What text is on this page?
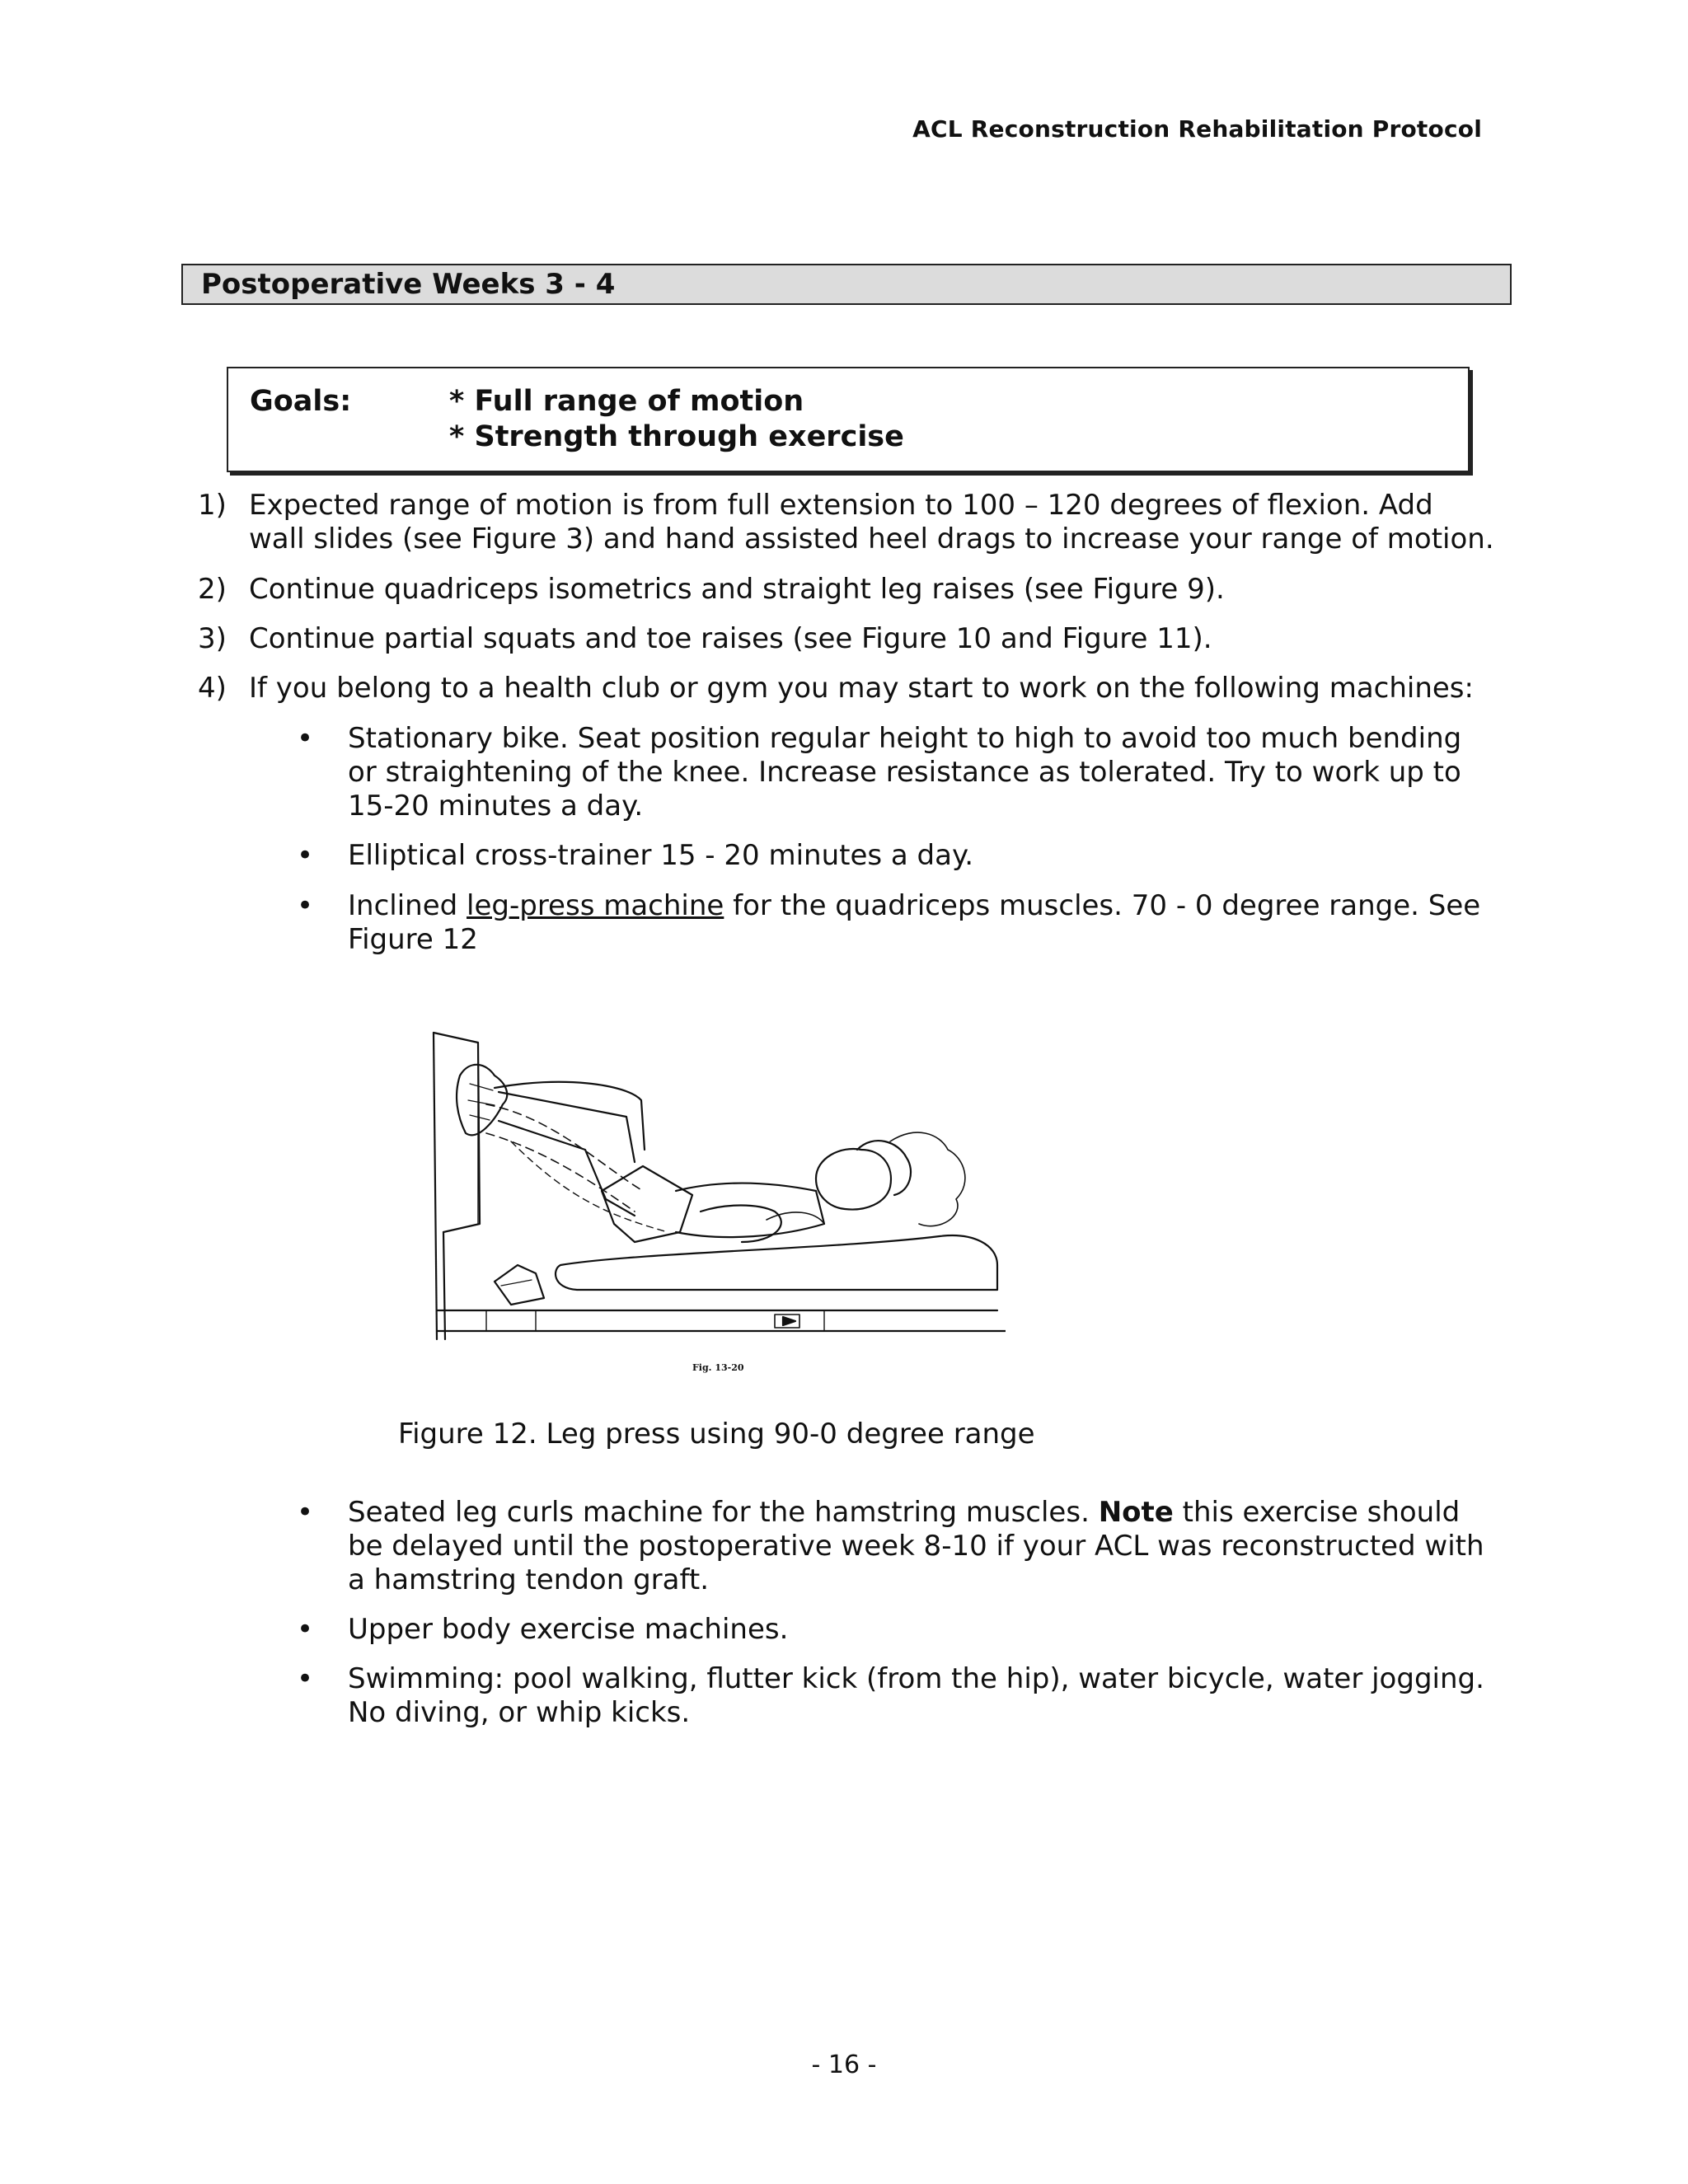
ACL Reconstruction Rehabilitation Protocol
Postoperative Weeks 3 - 4
Goals:	* Full range of motion
* Strength through exercise
1) Expected range of motion is from full extension to 100 – 120 degrees of flexion. Add
wall slides (see Figure 3) and hand assisted heel drags to increase your range of motion.
2) Continue quadriceps isometrics and straight leg raises (see Figure 9).
3) Continue partial squats and toe raises (see Figure 10 and Figure 11).
4) If you belong to a health club or gym you may start to work on the following machines:
• Stationary bike. Seat position regular height to high to avoid too much bending
or straightening of the knee. Increase resistance as tolerated. Try to work up to
15-20 minutes a day.
• Elliptical cross-trainer 15 - 20 minutes a day.
• Inclined leg-press machine for the quadriceps muscles. 70 - 0 degree range. See
Figure 12
Fig. 13-20
Figure 12. Leg press using 90-0 degree range
• Seated leg curls machine for the hamstring muscles. Note this exercise should
be delayed until the postoperative week 8-10 if your ACL was reconstructed with
a hamstring tendon graft.
• Upper body exercise machines.
• Swimming: pool walking, flutter kick (from the hip), water bicycle, water jogging.
No diving, or whip kicks.
- 16 -
